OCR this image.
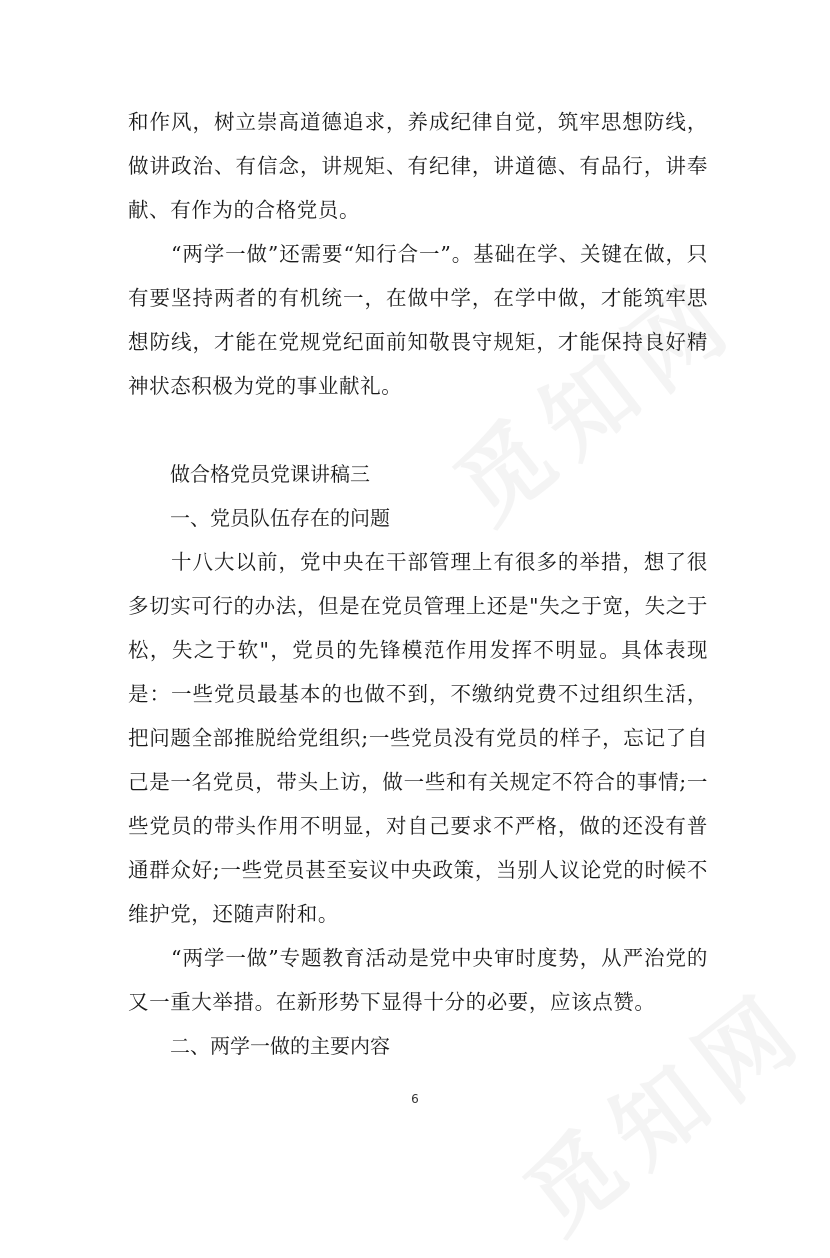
和作风，树立崇高道德追求，养成纪律自觉，筑牢思想防线，做讲政治、有信念，讲规矩、有纪律，讲道德、有品行，讲奉献、有作为的合格党员。

“两学一做”还需要“知行合一”。基础在学、关键在做，只有要坚持两者的有机统一，在做中学，在学中做，才能筑牢思想防线，才能在党规党纪面前知敬畏守规矩，才能保持良好精神状态积极为党的事业献礼。

做合格党员党课讲稿三

一、党员队伍存在的问题

十八大以前，党中央在干部管理上有很多的举措，想了很多切实可行的办法，但是在党员管理上还是"失之于宽，失之于松，失之于软"，党员的先锋模范作用发挥不明显。具体表现是：一些党员最基本的也做不到，不缴纳党费不过组织生活，把问题全部推脱给党组织;一些党员没有党员的样子，忘记了自己是一名党员，带头上访，做一些和有关规定不符合的事情;一些党员的带头作用不明显，对自己要求不严格，做的还没有普通群众好;一些党员甚至妄议中央政策，当别人议论党的时候不维护党，还随声附和。

“两学一做”专题教育活动是党中央审时度势，从严治党的又一重大举措。在新形势下显得十分的必要，应该点赞。

二、两学一做的主要内容

6
